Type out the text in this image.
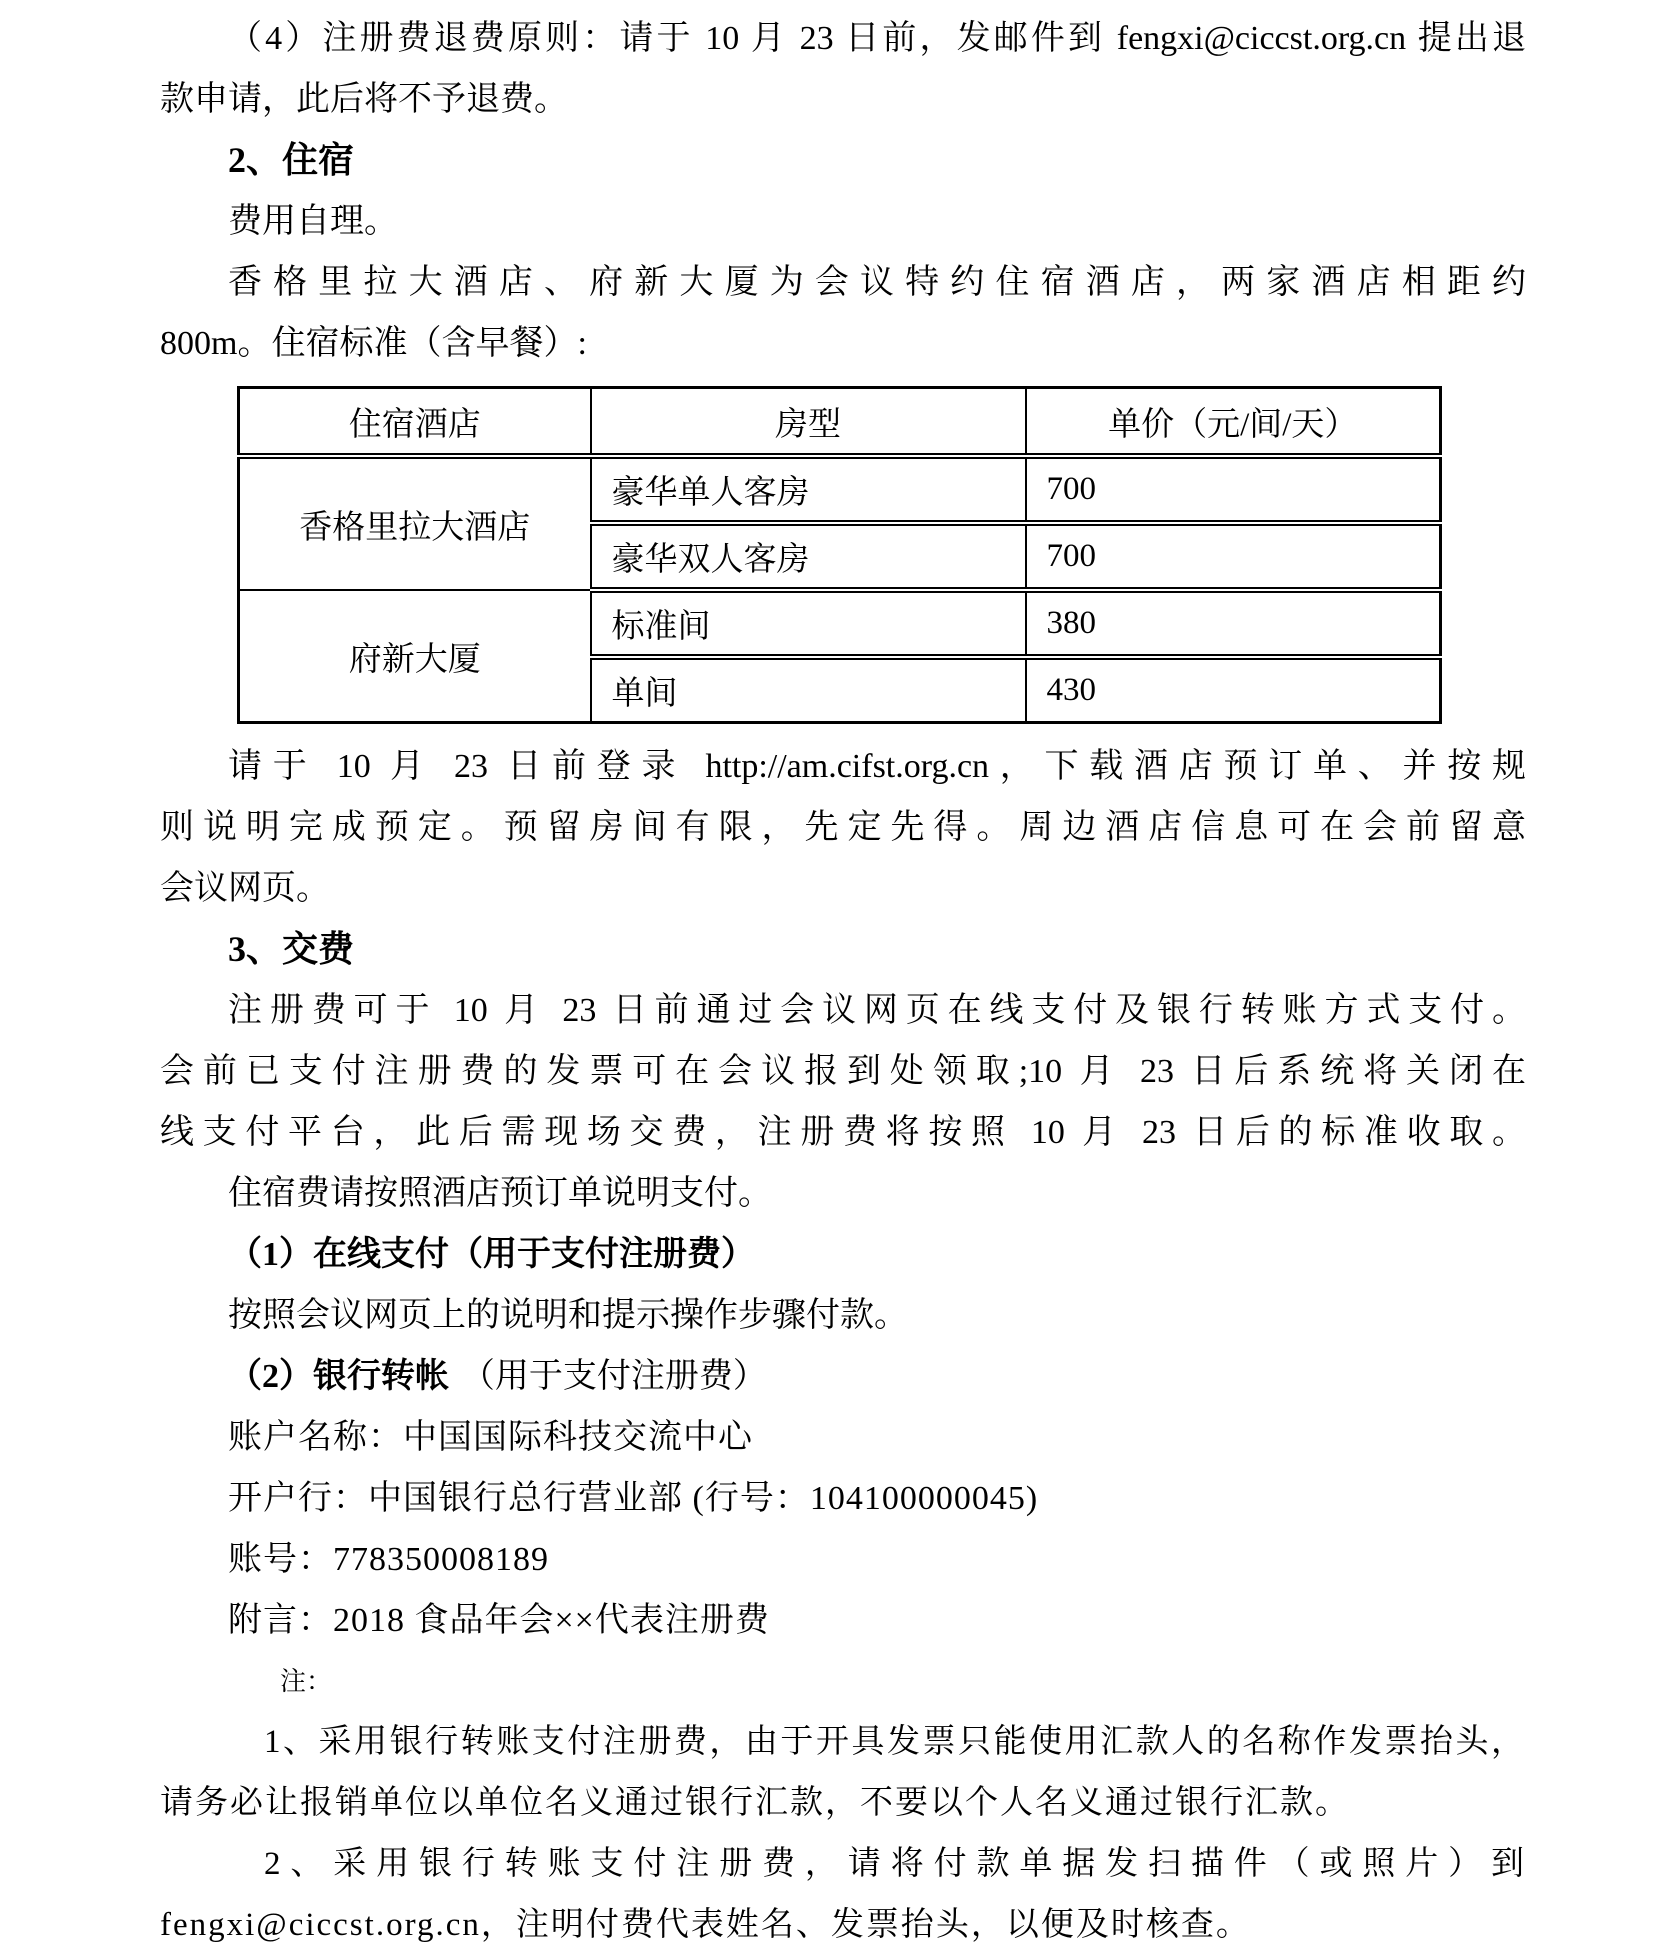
（4）注册费退费原则：请于 10 月 23 日前，发邮件到 fengxi@ciccst.org.cn 提出退
款申请，此后将不予退费。
2、住宿
费用自理。
香格里拉大酒店、府新大厦为会议特约住宿酒店，两家酒店相距约
800m。住宿标准（含早餐）:
住宿酒店	房型	单价（元/间/天）
香格里拉大酒店	豪华单人客房	700
	豪华双人客房	700
府新大厦	标准间	380
	单间	430
请于 10 月 23 日前登录 http://am.cifst.org.cn，下载酒店预订单、并按规
则说明完成预定。预留房间有限，先定先得。周边酒店信息可在会前留意
会议网页。
3、交费
注册费可于 10 月 23 日前通过会议网页在线支付及银行转账方式支付。
会前已支付注册费的发票可在会议报到处领取;10 月 23 日后系统将关闭在
线支付平台，此后需现场交费，注册费将按照 10 月 23 日后的标准收取。
住宿费请按照酒店预订单说明支付。
（1）在线支付（用于支付注册费）
按照会议网页上的说明和提示操作步骤付款。
（2）银行转帐 （用于支付注册费）
账户名称：中国国际科技交流中心
开户行：中国银行总行营业部 (行号：104100000045)
账号：778350008189
附言：2018 食品年会××代表注册费
注：
1、采用银行转账支付注册费，由于开具发票只能使用汇款人的名称作发票抬头，
请务必让报销单位以单位名义通过银行汇款，不要以个人名义通过银行汇款。
2、采用银行转账支付注册费，请将付款单据发扫描件（或照片）到
fengxi@ciccst.org.cn，注明付费代表姓名、发票抬头，以便及时核查。
